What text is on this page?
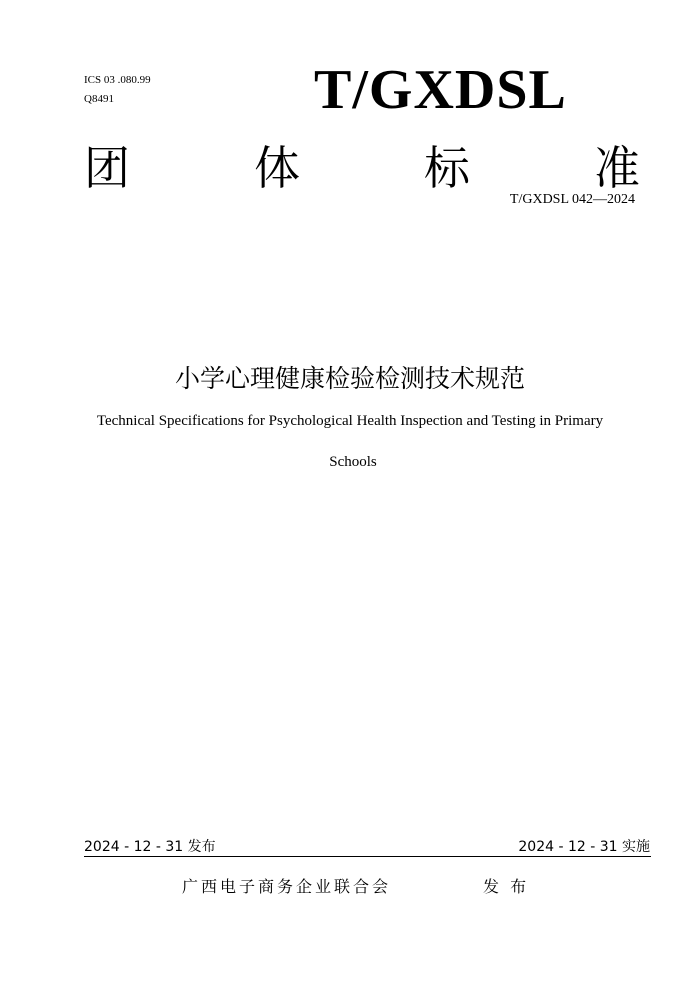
ICS 03 .080.99
Q8491	T/GXDSL
团	体	标	准
T/GXDSL 042—2024
小学心理健康检验检测技术规范
Technical Specifications for Psychological Health Inspection and Testing in Primary
Schools
2024 - 12 - 31 发布	2024 - 12 - 31 实施
广西电子商务企业联合会	发 布
